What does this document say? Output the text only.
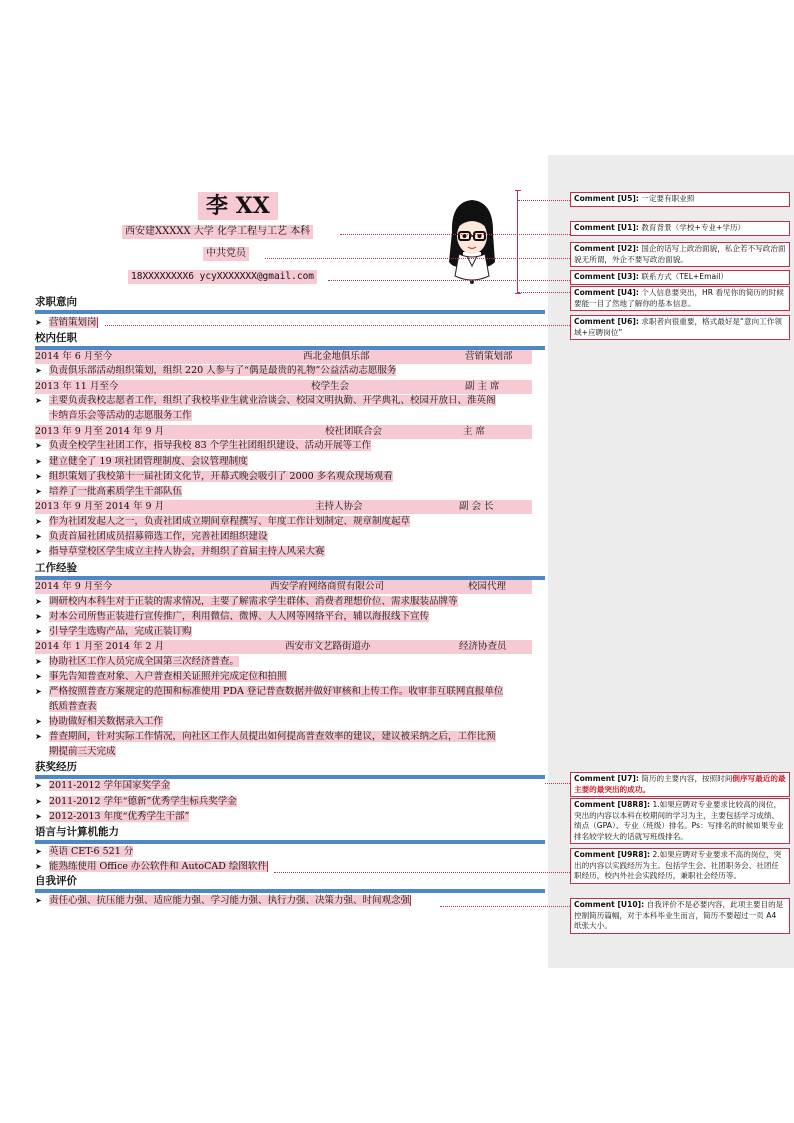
李 XX
西安建XXXXX 大学 化学工程与工艺 本科
中共党员
18XXXXXXXX6 ycyXXXXXXX@gmail.com
求职意向
➤ 营销策划岗
校内任职
2014 年 6 月至今	西北金地俱乐部	营销策划部
➤ 负责俱乐部活动组织策划，组织 220 人参与了“偶是最贵的礼物”公益活动志愿服务
2013 年 11 月至今	校学生会	副 主 席
➤ 主要负责我校志愿者工作，组织了我校毕业生就业洽谈会、校园文明执勤、开学典礼、校园开放日、淮英阁
卡纳音乐会等活动的志愿服务工作
2013 年 9 月至 2014 年 9 月	校社团联合会	主 席
➤ 负责全校学生社团工作，指导我校 83 个学生社团组织建设、活动开展等工作
➤ 建立健全了 19 项社团管理制度、会议管理制度
➤ 组织策划了我校第十一届社团文化节，开幕式晚会吸引了 2000 多名观众现场观看
➤ 培养了一批高素质学生干部队伍
2013 年 9 月至 2014 年 9 月	主持人协会	副 会 长
➤ 作为社团发起人之一，负责社团成立期间章程撰写、年度工作计划制定、规章制度起草
➤ 负责首届社团成员招募筛选工作，完善社团组织建设
➤ 指导草堂校区学生成立主持人协会，并组织了首届主持人风采大赛
工作经验
2014 年 9 月至今	西安学府网络商贸有限公司	校园代理
➤ 调研校内本科生对于正装的需求情况，主要了解需求学生群体、消费者理想价位、需求服装品牌等
➤ 对本公司所售正装进行宣传推广，利用微信、微博、人人网等网络平台，辅以海报线下宣传
➤ 引导学生选购产品，完成正装订购
2014 年 1 月至 2014 年 2 月	西安市文艺路街道办	经济协查员
➤ 协助社区工作人员完成全国第三次经济普查。
➤ 事先告知普查对象、入户普查相关证照并完成定位和拍照
➤ 严格按照普查方案规定的范围和标准使用 PDA 登记普查数据并做好审核和上传工作。收审非互联网直报单位
纸质普查表
➤ 协助做好相关数据录入工作
➤ 普查期间，针对实际工作情况，向社区工作人员提出如何提高普查效率的建议，建议被采纳之后，工作比预
期提前三天完成
获奖经历
➤ 2011-2012 学年国家奖学金
➤ 2011-2012 学年“德新”优秀学生标兵奖学金
➤ 2012-2013 年度“优秀学生干部”
语言与计算机能力
➤ 英语 CET-6 521 分
➤ 能熟练使用 Office 办公软件和 AutoCAD 绘图软件
自我评价
➤ 责任心强、抗压能力强、适应能力强、学习能力强、执行力强、决策力强、时间观念强
Comment [U5]: 一定要有职业照
Comment [U1]: 教育背景（学校+专业+学历）
Comment [U2]: 国企的话写上政治面貌，私企若不写政治面貌无所谓，外企不要写政治面貌。
Comment [U3]: 联系方式（TEL+Email）
Comment [U4]: 个人信息要突出，HR 看见你的简历的时候要能一目了然地了解你的基本信息。
Comment [U6]: 求职者向很重要，格式最好是“意向工作领域+应聘岗位”
Comment [U7]: 简历的主要内容，按照时间倒序写最近的最主要的最突出的成功。
Comment [U8R8]: 1.如果应聘对专业要求比较高的岗位，突出的内容以本科在校期间的学习为主，主要包括学习成绩、绩点（GPA）、专业（班级）排名。Ps：写排名的时候如果专业排名较学较大的话就写班级排名。
Comment [U9R8]: 2.如果应聘对专业要求不高的岗位，突出的内容以实践经历为主。包括学生会、社团职务会、社团任职经历，校内外社会实践经历，兼职社会经历等。
Comment [U10]: 自我评价不是必要内容，此项主要目的是控制简历篇幅，对于本科毕业生而言，简历不要超过一页 A4 纸张大小。
